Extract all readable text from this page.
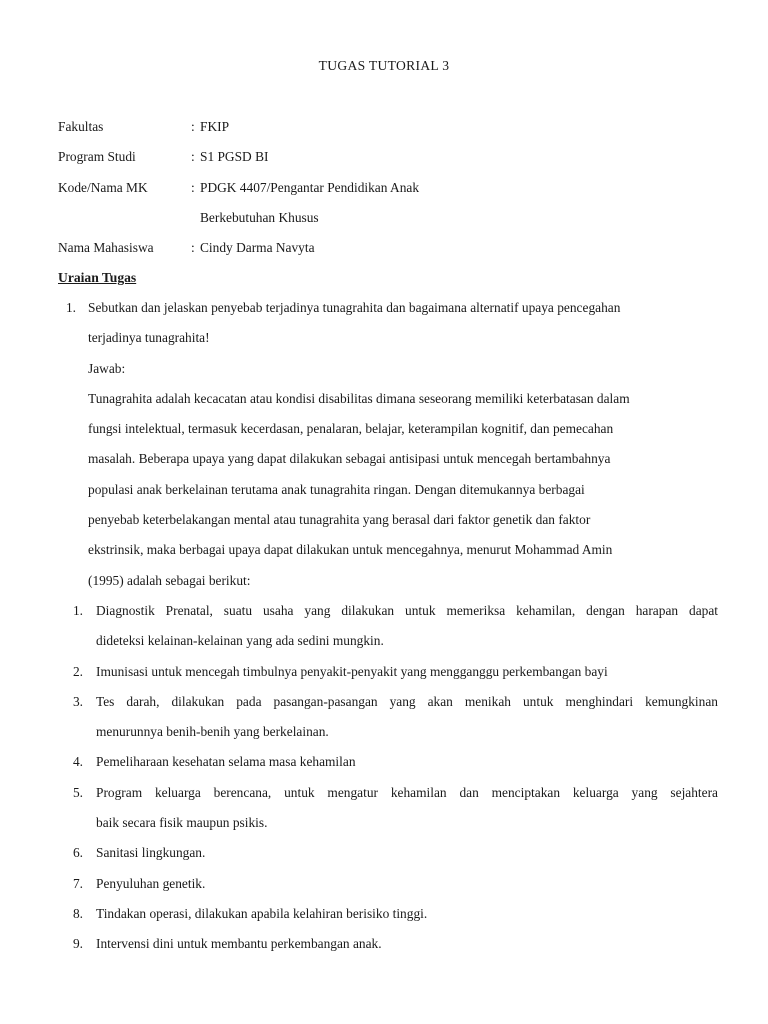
TUGAS TUTORIAL 3
Fakultas	: FKIP
Program Studi	: S1 PGSD BI
Kode/Nama MK	: PDGK 4407/Pengantar Pendidikan Anak
Berkebutuhan Khusus
Nama Mahasiswa	: Cindy Darma Navyta
Uraian Tugas
1. Sebutkan dan jelaskan penyebab terjadinya tunagrahita dan bagaimana alternatif upaya pencegahan
terjadinya tunagrahita!
Jawab:
Tunagrahita adalah kecacatan atau kondisi disabilitas dimana seseorang memiliki keterbatasan dalam
fungsi intelektual, termasuk kecerdasan, penalaran, belajar, keterampilan kognitif, dan pemecahan
masalah. Beberapa upaya yang dapat dilakukan sebagai antisipasi untuk mencegah bertambahnya
populasi anak berkelainan terutama anak tunagrahita ringan. Dengan ditemukannya berbagai
penyebab keterbelakangan mental atau tunagrahita yang berasal dari faktor genetik dan faktor
ekstrinsik, maka berbagai upaya dapat dilakukan untuk mencegahnya, menurut Mohammad Amin
(1995) adalah sebagai berikut:
1. Diagnostik Prenatal, suatu usaha yang dilakukan untuk memeriksa kehamilan, dengan harapan dapat
dideteksi kelainan-kelainan yang ada sedini mungkin.
2. Imunisasi untuk mencegah timbulnya penyakit-penyakit yang mengganggu perkembangan bayi
3. Tes darah, dilakukan pada pasangan-pasangan yang akan menikah untuk menghindari kemungkinan
menurunnya benih-benih yang berkelainan.
4. Pemeliharaan kesehatan selama masa kehamilan
5. Program keluarga berencana, untuk mengatur kehamilan dan menciptakan keluarga yang sejahtera
baik secara fisik maupun psikis.
6. Sanitasi lingkungan.
7. Penyuluhan genetik.
8. Tindakan operasi, dilakukan apabila kelahiran berisiko tinggi.
9. Intervensi dini untuk membantu perkembangan anak.
